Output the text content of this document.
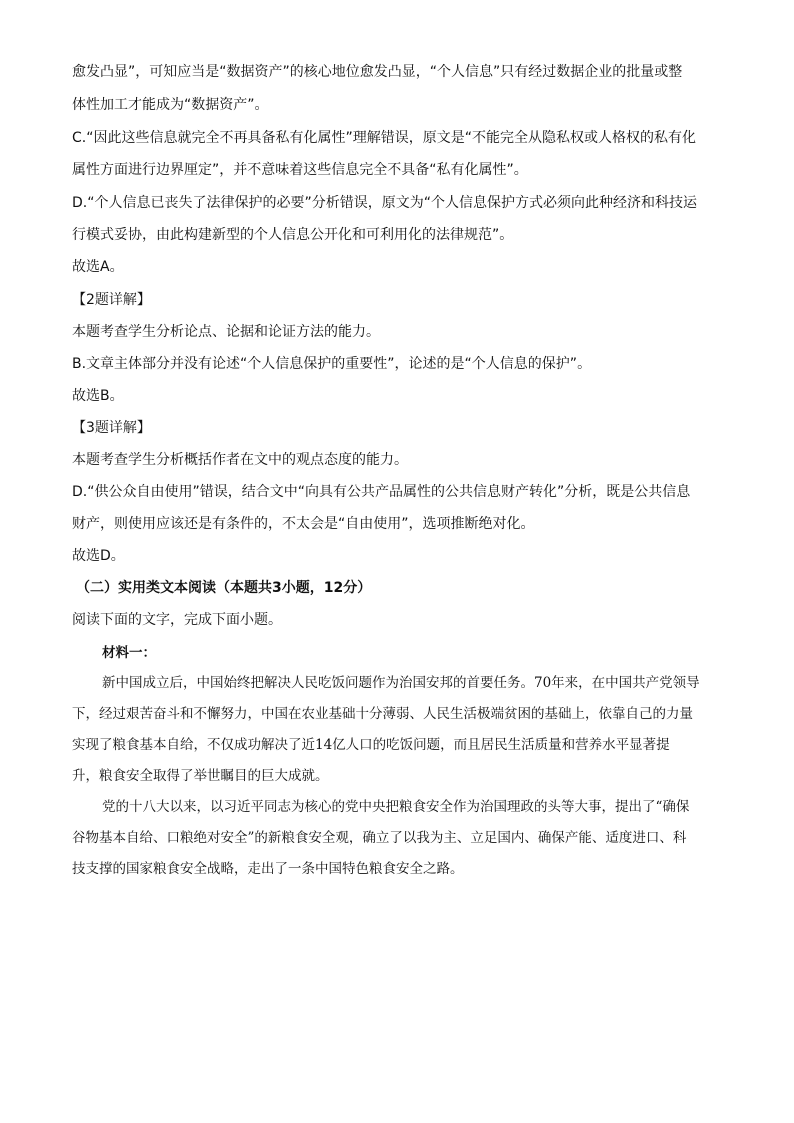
愈发凸显”，可知应当是“数据资产”的核心地位愈发凸显，“个人信息”只有经过数据企业的批量或整
体性加工才能成为“数据资产”。
C.“因此这些信息就完全不再具备私有化属性”理解错误，原文是“不能完全从隐私权或人格权的私有化
属性方面进行边界厘定”，并不意味着这些信息完全不具备“私有化属性”。
D.“个人信息已丧失了法律保护的必要”分析错误，原文为“个人信息保护方式必须向此种经济和科技运
行模式妥协，由此构建新型的个人信息公开化和可利用化的法律规范”。
故选A。
【2题详解】
本题考查学生分析论点、论据和论证方法的能力。
B.文章主体部分并没有论述“个人信息保护的重要性”，论述的是“个人信息的保护”。
故选B。
【3题详解】
本题考查学生分析概括作者在文中的观点态度的能力。
D.“供公众自由使用”错误，结合文中“向具有公共产品属性的公共信息财产转化”分析，既是公共信息
财产，则使用应该还是有条件的，不太会是“自由使用”，选项推断绝对化。
故选D。
（二）实用类文本阅读（本题共3小题，12分）
阅读下面的文字，完成下面小题。
材料一：
新中国成立后，中国始终把解决人民吃饭问题作为治国安邦的首要任务。70年来，在中国共产党领导
下，经过艰苦奋斗和不懈努力，中国在农业基础十分薄弱、人民生活极端贫困的基础上，依靠自己的力量
实现了粮食基本自给，不仅成功解决了近14亿人口的吃饭问题，而且居民生活质量和营养水平显著提
升，粮食安全取得了举世瞩目的巨大成就。
党的十八大以来，以习近平同志为核心的党中央把粮食安全作为治国理政的头等大事，提出了“确保
谷物基本自给、口粮绝对安全”的新粮食安全观，确立了以我为主、立足国内、确保产能、适度进口、科
技支撑的国家粮食安全战略，走出了一条中国特色粮食安全之路。
